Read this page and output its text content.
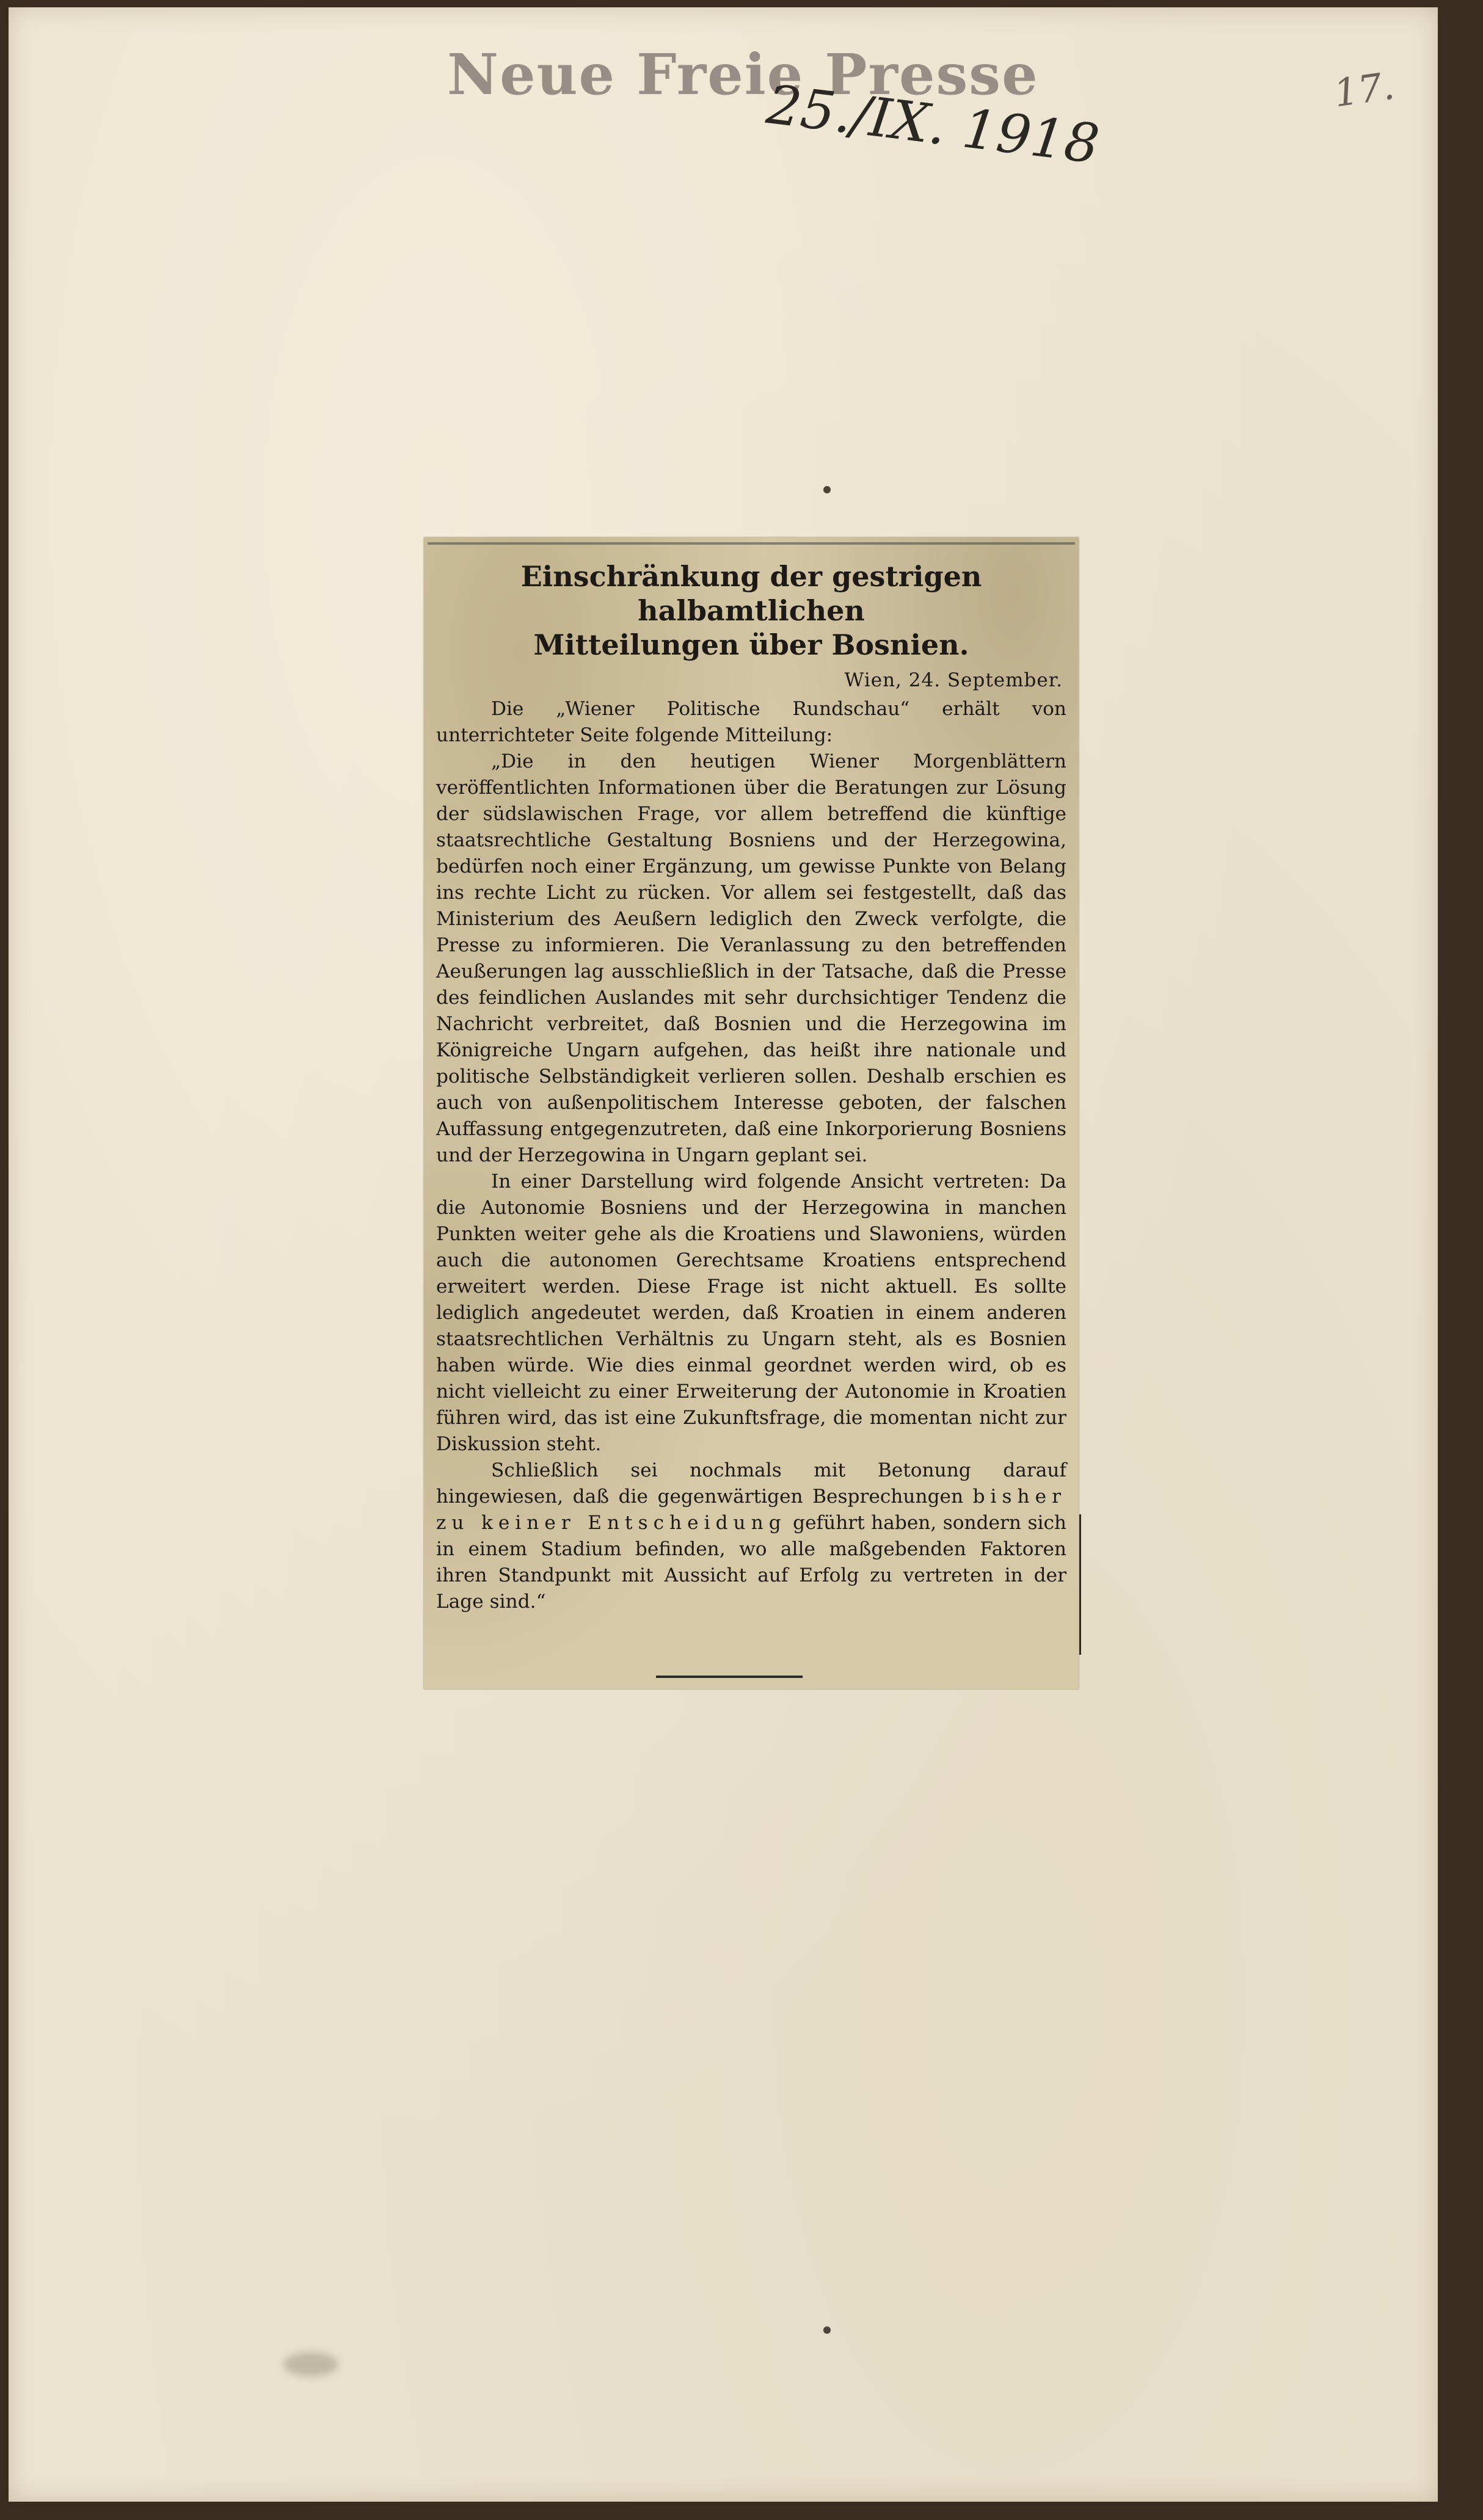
Neue Freie Presse
25./IX. 1918	17.
Einschränkung der gestrigen halbamtlichen
Mitteilungen über Bosnien.
Wien, 24. September.

Die „Wiener Politische Rundschau“ erhält von unterrichteter Seite folgende Mitteilung:

„Die in den heutigen Wiener Morgenblättern veröffentlichten Informationen über die Beratungen zur Lösung der südslawischen Frage, vor allem betreffend die künftige staatsrechtliche Gestaltung Bosniens und der Herzegowina, bedürfen noch einer Ergänzung, um gewisse Punkte von Belang ins rechte Licht zu rücken. Vor allem sei festgestellt, daß das Ministerium des Aeußern lediglich den Zweck verfolgte, die Presse zu informieren. Die Veranlassung zu den betreffenden Aeußerungen lag ausschließlich in der Tatsache, daß die Presse des feindlichen Auslandes mit sehr durchsichtiger Tendenz die Nachricht verbreitet, daß Bosnien und die Herzegowina im Königreiche Ungarn aufgehen, das heißt ihre nationale und politische Selbständigkeit verlieren sollen. Deshalb erschien es auch von außenpolitischem Interesse geboten, der falschen Auffassung entgegenzutreten, daß eine Inkorporierung Bosniens und der Herzegowina in Ungarn geplant sei.

In einer Darstellung wird folgende Ansicht vertreten: Da die Autonomie Bosniens und der Herzegowina in manchen Punkten weiter gehe als die Kroatiens und Slawoniens, würden auch die autonomen Gerechtsame Kroatiens entsprechend erweitert werden. Diese Frage ist nicht aktuell. Es sollte lediglich angedeutet werden, daß Kroatien in einem anderen staatsrechtlichen Verhältnis zu Ungarn steht, als es Bosnien haben würde. Wie dies einmal geordnet werden wird, ob es nicht vielleicht zu einer Erweiterung der Autonomie in Kroatien führen wird, das ist eine Zukunftsfrage, die momentan nicht zur Diskussion steht.

Schließlich sei nochmals mit Betonung darauf hingewiesen, daß die gegenwärtigen Besprechungen bisher zu keiner Entscheidung geführt haben, sondern sich in einem Stadium befinden, wo alle maßgebenden Faktoren ihren Standpunkt mit Aussicht auf Erfolg zu vertreten in der Lage sind.“
